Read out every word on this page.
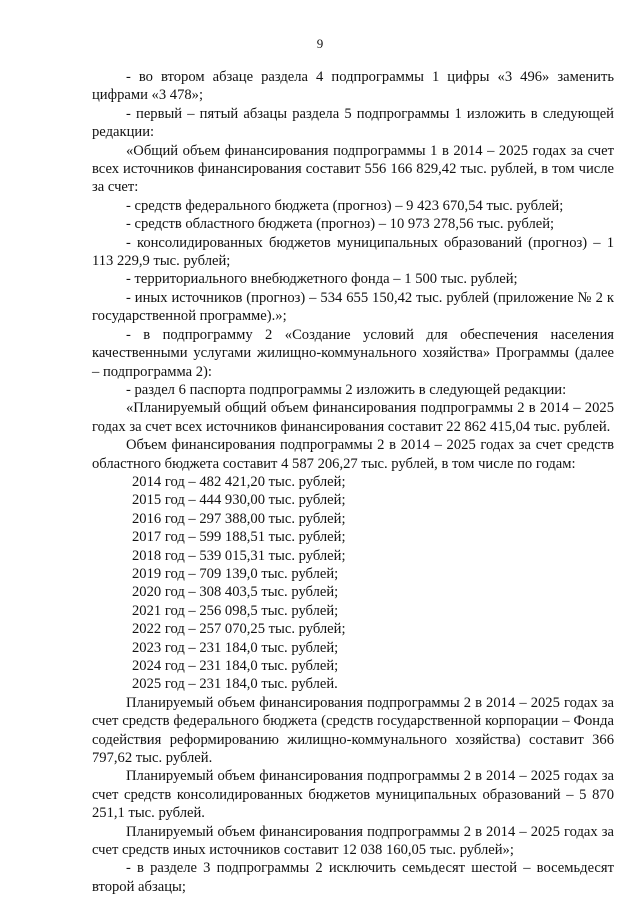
9

- во втором абзаце раздела 4 подпрограммы 1 цифры «3 496» заменить цифрами «3 478»;

- первый – пятый абзацы раздела 5 подпрограммы 1 изложить в следующей редакции:

«Общий объем финансирования подпрограммы 1 в 2014 – 2025 годах за счет всех источников финансирования составит 556 166 829,42 тыс. рублей, в том числе за счет:

- средств федерального бюджета (прогноз) – 9 423 670,54 тыс. рублей;

- средств областного бюджета (прогноз) – 10 973 278,56 тыс. рублей;

- консолидированных бюджетов муниципальных образований (прогноз) – 1 113 229,9 тыс. рублей;

- территориального внебюджетного фонда – 1 500 тыс. рублей;

- иных источников (прогноз) – 534 655 150,42 тыс. рублей (приложение № 2 к государственной программе).»;

- в подпрограмму 2 «Создание условий для обеспечения населения качественными услугами жилищно-коммунального хозяйства» Программы (далее – подпрограмма 2):

- раздел 6 паспорта подпрограммы 2 изложить в следующей редакции:

«Планируемый общий объем финансирования подпрограммы 2 в 2014 – 2025 годах за счет всех источников финансирования составит 22 862 415,04 тыс. рублей.

Объем финансирования подпрограммы 2 в 2014 – 2025 годах за счет средств областного бюджета составит 4 587 206,27 тыс. рублей, в том числе по годам:

2014 год – 482 421,20 тыс. рублей;
2015 год – 444 930,00 тыс. рублей;
2016 год – 297 388,00 тыс. рублей;
2017 год – 599 188,51 тыс. рублей;
2018 год – 539 015,31 тыс. рублей;
2019 год – 709 139,0 тыс. рублей;
2020 год – 308 403,5 тыс. рублей;
2021 год – 256 098,5 тыс. рублей;
2022 год – 257 070,25 тыс. рублей;
2023 год – 231 184,0 тыс. рублей;
2024 год – 231 184,0 тыс. рублей;
2025 год – 231 184,0 тыс. рублей.

Планируемый объем финансирования подпрограммы 2 в 2014 – 2025 годах за счет средств федерального бюджета (средств государственной корпорации – Фонда содействия реформированию жилищно-коммунального хозяйства) составит 366 797,62 тыс. рублей.

Планируемый объем финансирования подпрограммы 2 в 2014 – 2025 годах за счет средств консолидированных бюджетов муниципальных образований – 5 870 251,1 тыс. рублей.

Планируемый объем финансирования подпрограммы 2 в 2014 – 2025 годах за счет средств иных источников составит 12 038 160,05 тыс. рублей»;

- в разделе 3 подпрограммы 2 исключить семьдесят шестой – восемьдесят второй абзацы;
